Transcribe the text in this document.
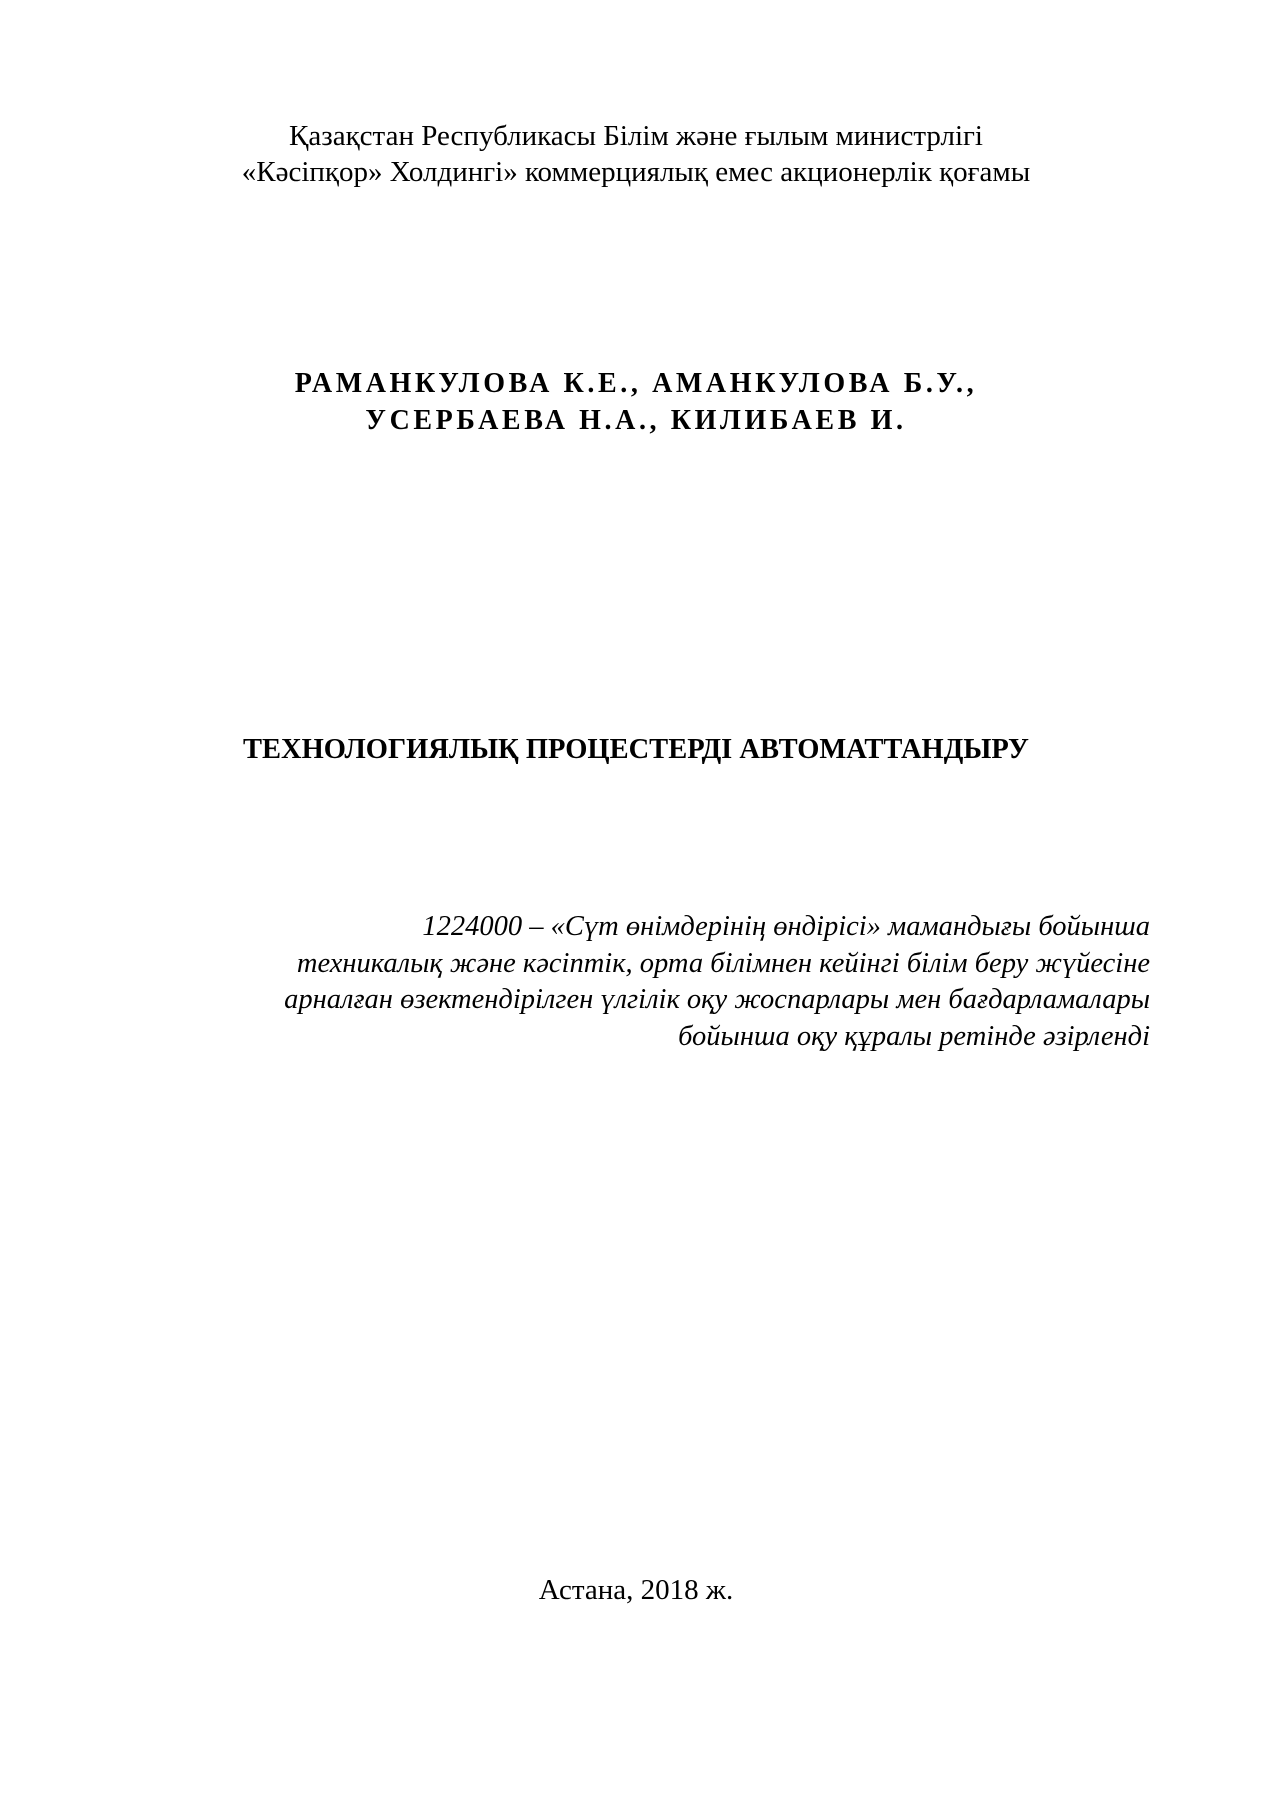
Қазақстан Республикасы Білім және ғылым министрлігі
«Кәсіпқор» Холдингі» коммерциялық емес акционерлік қоғамы
РАМАНКУЛОВА К.Е., АМАНКУЛОВА Б.У.,
УСЕРБАЕВА Н.А., КИЛИБАЕВ И.
ТЕХНОЛОГИЯЛЫҚ ПРОЦЕСТЕРДІ АВТОМАТТАНДЫРУ
1224000 – «Сүт өнімдерінің өндірісі» мамандығы бойынша
техникалық және кәсіптік, орта білімнен кейінгі білім беру жүйесіне
арналған өзектендірілген үлгілік оқу жоспарлары мен бағдарламалары
бойынша оқу құралы ретінде әзірленді
Астана, 2018 ж.
